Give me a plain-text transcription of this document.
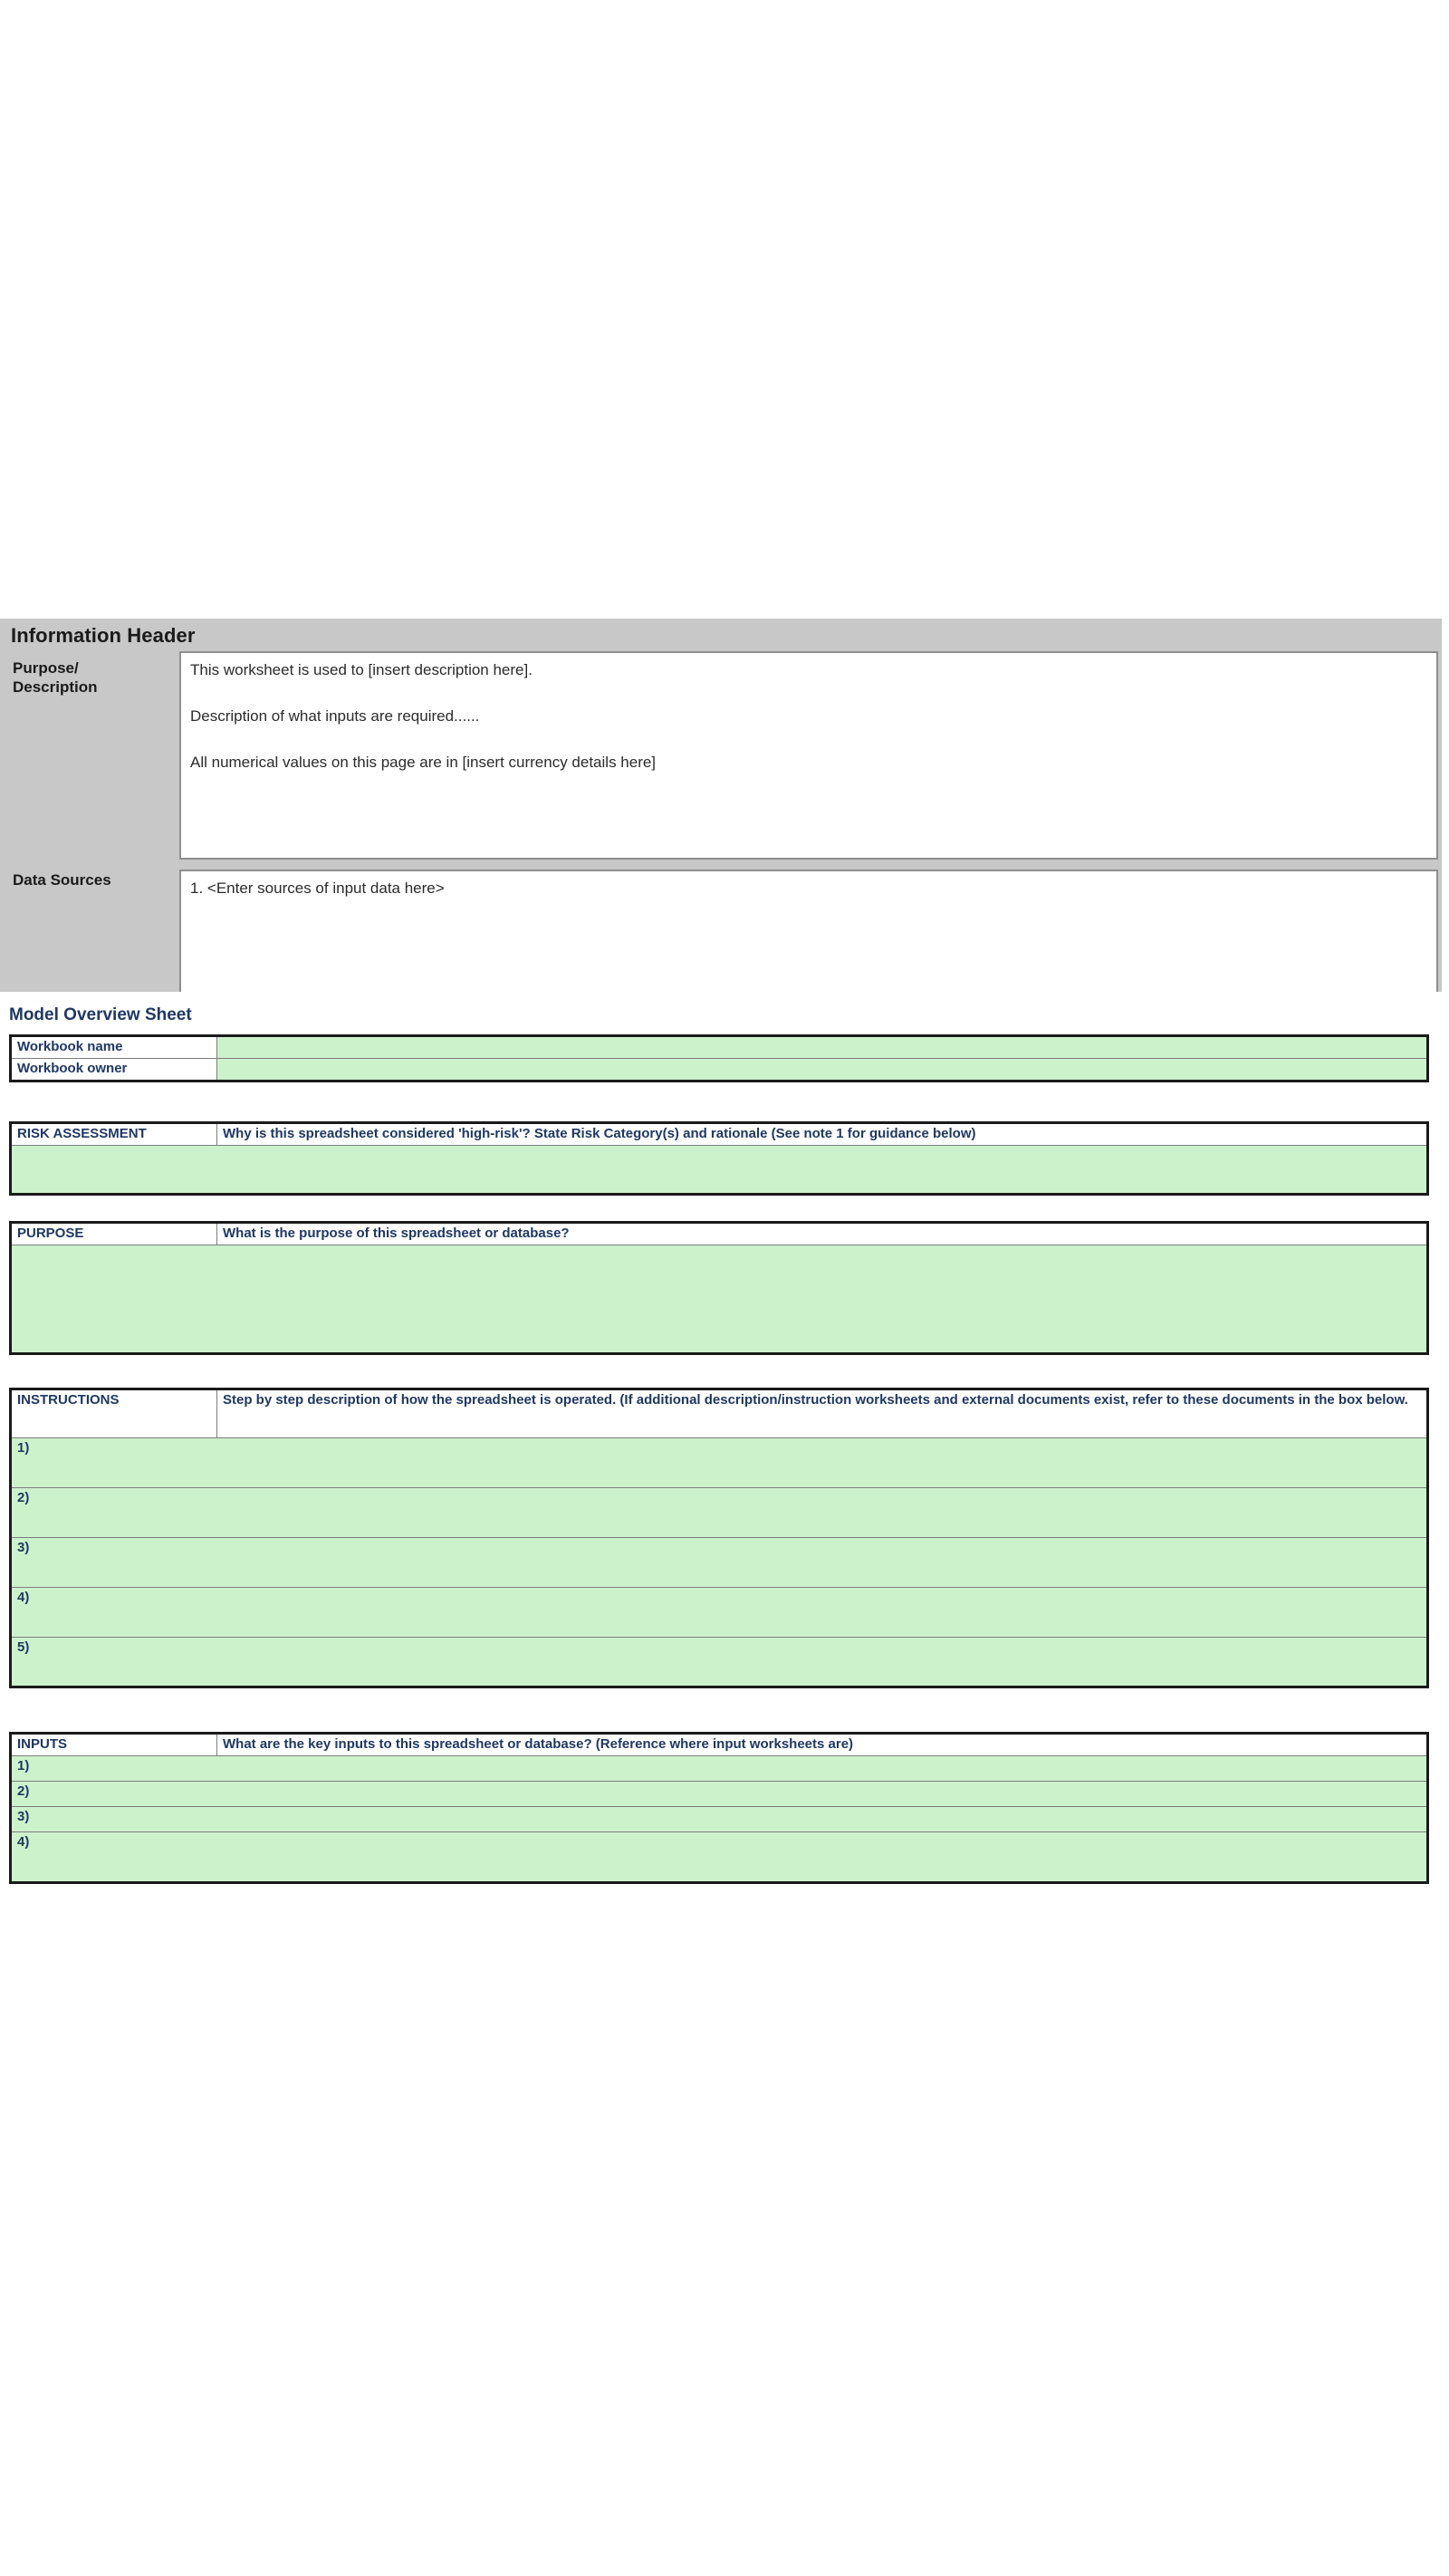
Information Header
Purpose/
Description

This worksheet is used to [insert description here].

Description of what inputs are required......

All numerical values on this page are in [insert currency details here]

Data Sources	1. <Enter sources of input data here>

Model Overview Sheet
Workbook name	
Workbook owner	
RISK ASSESSMENT	Why is this spreadsheet considered 'high-risk'? State Risk Category(s) and rationale (See note 1 for guidance below)

PURPOSE	What is the purpose of this spreadsheet or database?

INSTRUCTIONS	Step by step description of how the spreadsheet is operated. (If additional description/instruction worksheets and external documents exist, refer to these documents in the box below.
1)
2)
3)
4)
5)
INPUTS	What are the key inputs to this spreadsheet or database? (Reference where input worksheets are)
1)
2)
3)
4)
